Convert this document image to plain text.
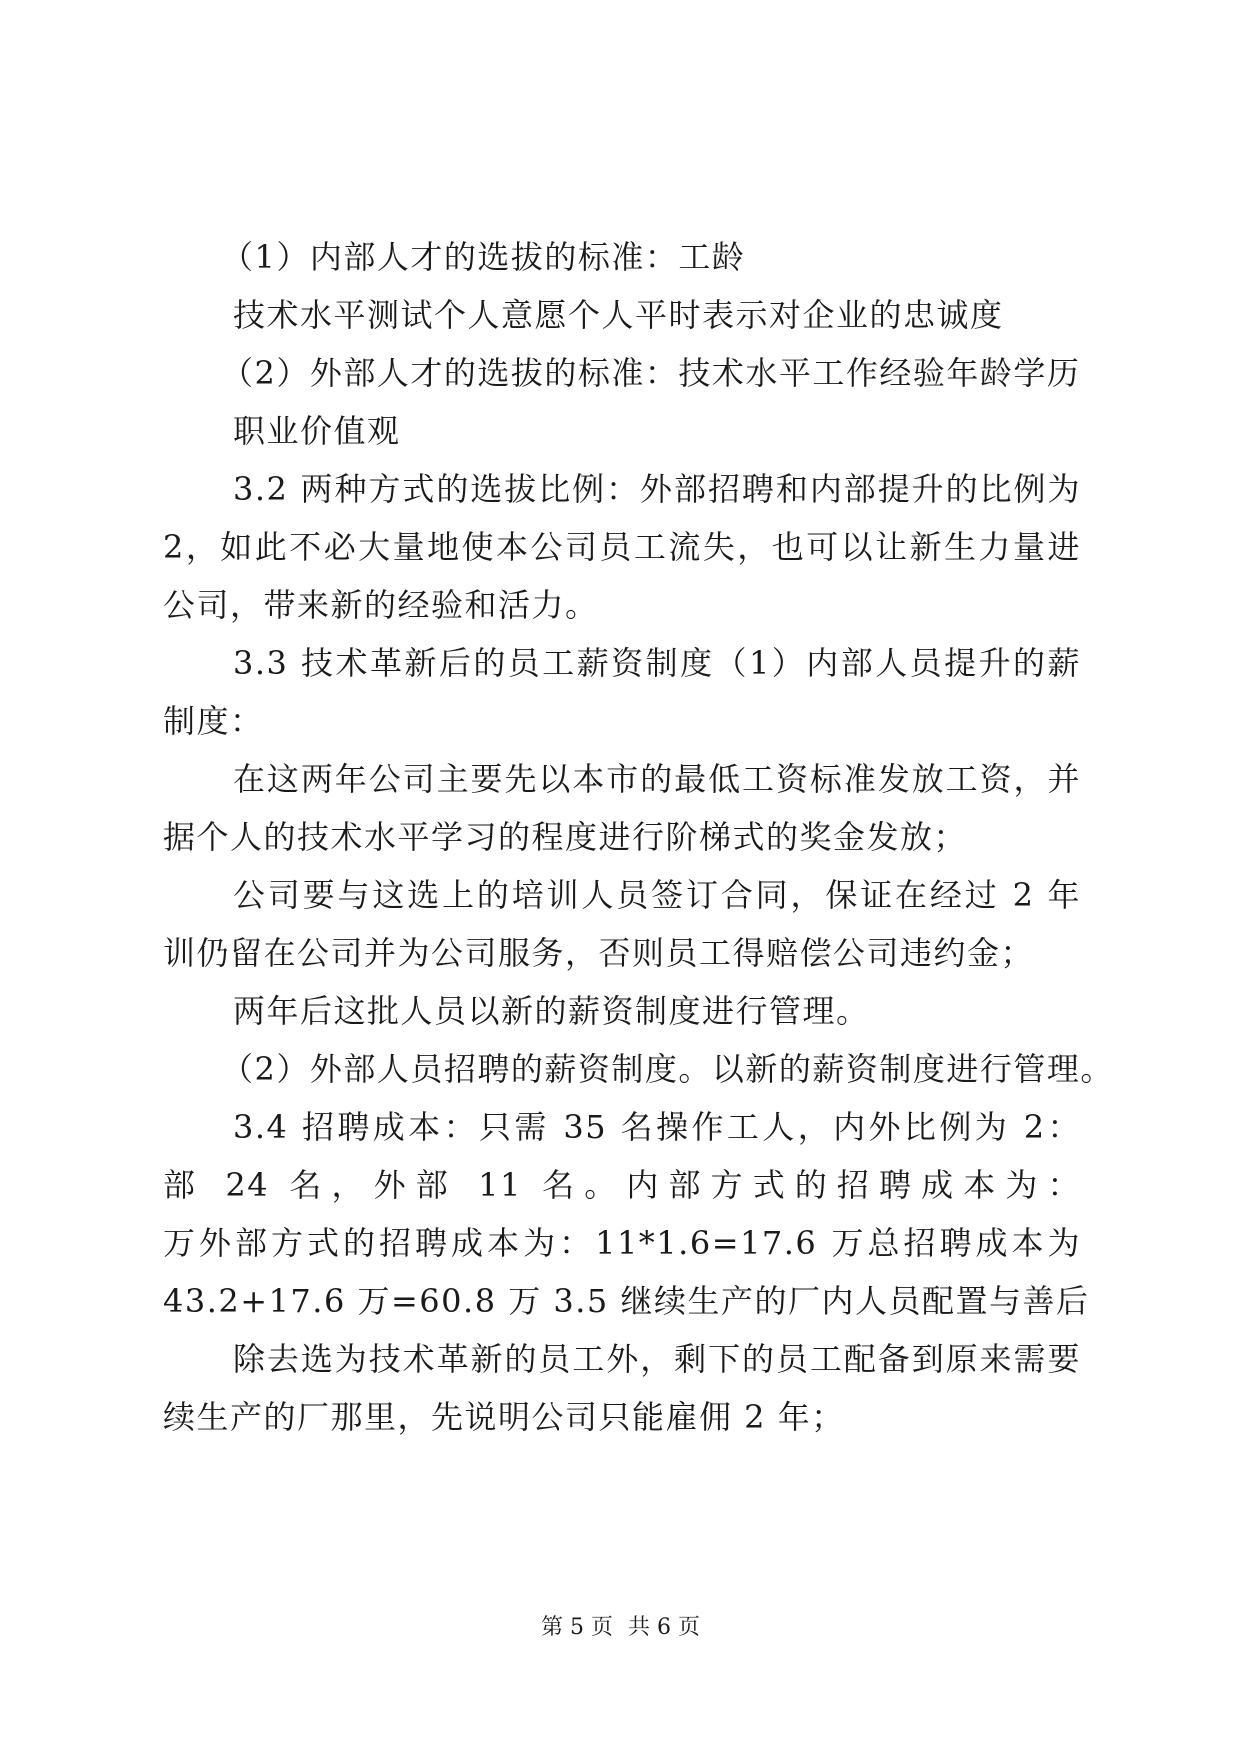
（1）内部人才的选拔的标准：工龄
技术水平测试个人意愿个人平时表示对企业的忠诚度
（2）外部人才的选拔的标准：技术水平工作经验年龄学历
职业价值观
3.2 两种方式的选拔比例：外部招聘和内部提升的比例为
2，如此不必大量地使本公司员工流失，也可以让新生力量进
公司，带来新的经验和活力。
3.3 技术革新后的员工薪资制度（1）内部人员提升的薪
制度：
在这两年公司主要先以本市的最低工资标准发放工资，并
据个人的技术水平学习的程度进行阶梯式的奖金发放；
公司要与这选上的培训人员签订合同，保证在经过 2 年
训仍留在公司并为公司服务，否则员工得赔偿公司违约金；
两年后这批人员以新的薪资制度进行管理。
（2）外部人员招聘的薪资制度。以新的薪资制度进行管理。
3.4 招聘成本：只需 35 名操作工人，内外比例为 2：
部 24 名，外部 11 名。内部方式的招聘成本为：
万外部方式的招聘成本为：11*1.6=17.6 万总招聘成本为
43.2+17.6 万=60.8 万 3.5 继续生产的厂内人员配置与善后
除去选为技术革新的员工外，剩下的员工配备到原来需要
续生产的厂那里，先说明公司只能雇佣 2 年；
第 5 页 共 6 页
